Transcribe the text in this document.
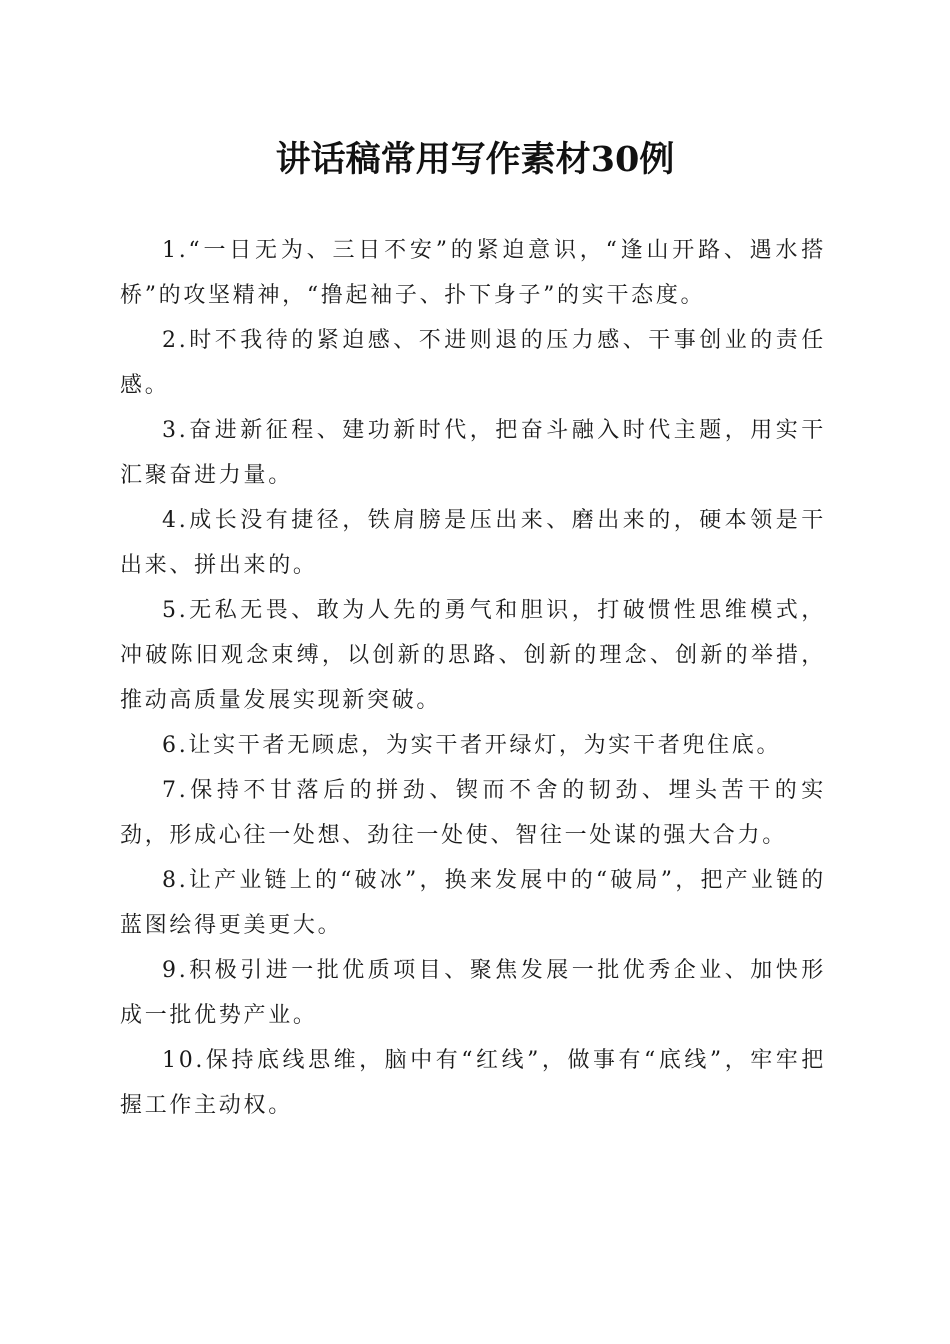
讲话稿常用写作素材30例

1.“一日无为、三日不安”的紧迫意识，“逢山开路、遇水搭桥”的攻坚精神，“撸起袖子、扑下身子”的实干态度。

2.时不我待的紧迫感、不进则退的压力感、干事创业的责任感。

3.奋进新征程、建功新时代，把奋斗融入时代主题，用实干汇聚奋进力量。

4.成长没有捷径，铁肩膀是压出来、磨出来的，硬本领是干出来、拼出来的。

5.无私无畏、敢为人先的勇气和胆识，打破惯性思维模式，冲破陈旧观念束缚，以创新的思路、创新的理念、创新的举措，推动高质量发展实现新突破。

6.让实干者无顾虑，为实干者开绿灯，为实干者兜住底。

7.保持不甘落后的拼劲、锲而不舍的韧劲、埋头苦干的实劲，形成心往一处想、劲往一处使、智往一处谋的强大合力。

8.让产业链上的“破冰”，换来发展中的“破局”，把产业链的蓝图绘得更美更大。

9.积极引进一批优质项目、聚焦发展一批优秀企业、加快形成一批优势产业。

10.保持底线思维，脑中有“红线”，做事有“底线”，牢牢把握工作主动权。
